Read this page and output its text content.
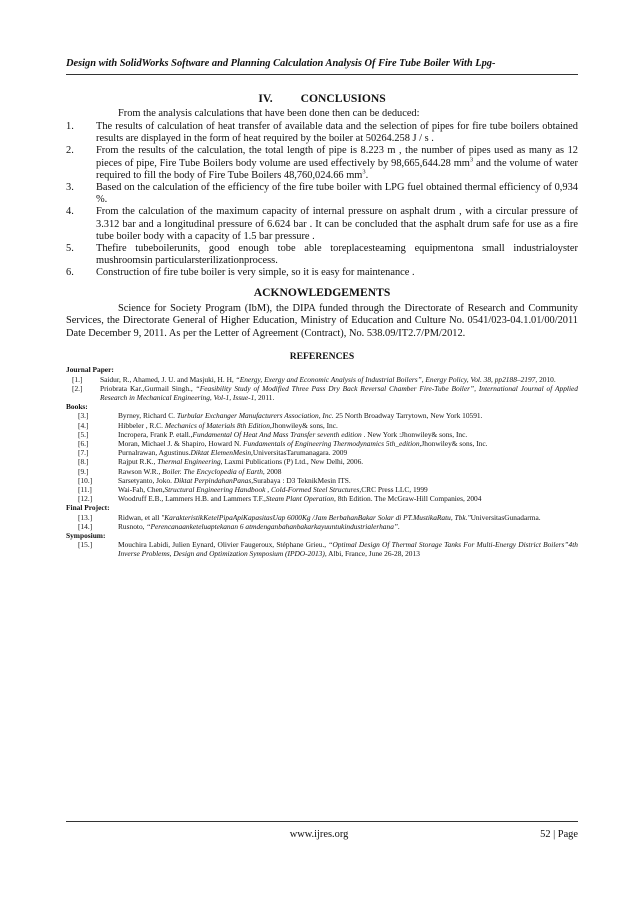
Design with SolidWorks Software and Planning Calculation Analysis Of Fire Tube Boiler With Lpg-
IV. CONCLUSIONS
From the analysis calculations that have been done then can be deduced:
1. The results of calculation of heat transfer of available data and the selection of pipes for fire tube boilers obtained results are displayed in the form of heat required by the boiler at 50264.258 J / s .
2. From the results of the calculation, the total length of pipe is 8.223 m , the number of pipes used as many as 12 pieces of pipe, Fire Tube Boilers body volume are used effectively by 98,665,644.28 $mm^3$ and the volume of water required to fill the body of Fire Tube Boilers 48,760,024.66 $mm^3$.
3. Based on the calculation of the efficiency of the fire tube boiler with LPG fuel obtained thermal efficiency of 0,934 %.
4. From the calculation of the maximum capacity of internal pressure on asphalt drum , with a circular pressure of 3.312 bar and a longitudinal pressure of 6.624 bar . It can be concluded that the asphalt drum safe for use as a fire tube boiler body with a capacity of 1.5 bar pressure .
5. Thefire tubeboilerunits, good enough tobe able toreplacesteaming equipmentona small industrialoyster mushroomsin particularsterilizationprocess.
6. Construction of fire tube boiler is very simple, so it is easy for maintenance .
ACKNOWLEDGEMENTS

Science for Society Program (IbM), the DIPA funded through the Directorate of Research and Community Services, the Directorate General of Higher Education, Ministry of Education and Culture No. 0541/023-04.1.01/00/2011 Date December 9, 2011. As per the Letter of Agreement (Contract), No. 538.09/IT2.7/PM/2012.

REFERENCES
Journal Paper:
[1.] Saidur, R., Ahamed, J. U. and Masjuki, H. H, “Energy, Exergy and Economic Analysis of Industrial Boilers”, Energy Policy, Vol. 38, pp2188–2197, 2010.
[2.] Priobrata Kar.,Gurmail Singh., “Feasibility Study of Modified Three Pass Dry Back Reversal Chamber Fire-Tube Boiler”, International Journal of Applied Research in Mechanical Engineering, Vol-1, Issue-1, 2011.
Books:
[3.]	Byrney, Richard C. Turbular Exchanger Manufacturers Association, Inc. 25 North Broadway Tarrytown, New York 10591.
[4.]	Hibbeler , R.C. Mechanics of Materials 8th Edition,Jhonwiley& sons, Inc.
[5.]	Incropera, Frank P. etall.,Fundamental Of Heat And Mass Transfer seventh edition . New York :Jhonwiley& sons, Inc.
[6.]	Moran, Michael J. & Shapiro, Howard N. Fundamentals of Engineering Thermodynamics 5th_edition,Jhonwiley& sons, Inc.
[7.]	Purnalrawan, Agustinus.Diktat ElemenMesin,UniversitasTarumanagara. 2009
[8.]	Rajput R.K., Thermal Engineering, Laxmi Publications (P) Ltd., New Delhi, 2006.
[9.]	Rawson W.R., Boiler. The Encyclopedia of Earth, 2008
[10.]	Sarsetyanto, Joko. Diktat PerpindahanPanas,Surabaya : D3 TeknikMesin ITS.
[11.]	Wai-Fah, Chen,Structural Engineering Handbook , Cold-Formed Steel Structures,CRC Press LLC, 1999
[12.]	Woodruff E.B., Lammers H.B. and Lammers T.F.,Steam Plant Operation, 8th Edition. The McGraw-Hill Companies, 2004
Final Project:
[13.]	Ridwan, et all "KarakteristikKetelPipaApiKapasitasUap 6000Kg /Jam BerbahanBakar Solar di PT.MustikaRatu, Tbk."UniversitasGunadarma.
[14.]	Rusnoto, “Perencanaanketeluaptekanan 6 atmdenganbahanbakarkayuuntukindustrialerhana”.
Symposium:
[15.]	Mouchira Labidi, Julien Eynard, Olivier Faugeroux, Stéphane Grieu., “Optimal Design Of Thermal Storage Tanks For Multi-Energy District Boilers”4th Inverse Problems, Design and Optimization Symposium (IPDO-2013), Albi, France, June 26-28, 2013
www.ijres.org	52 | Page
